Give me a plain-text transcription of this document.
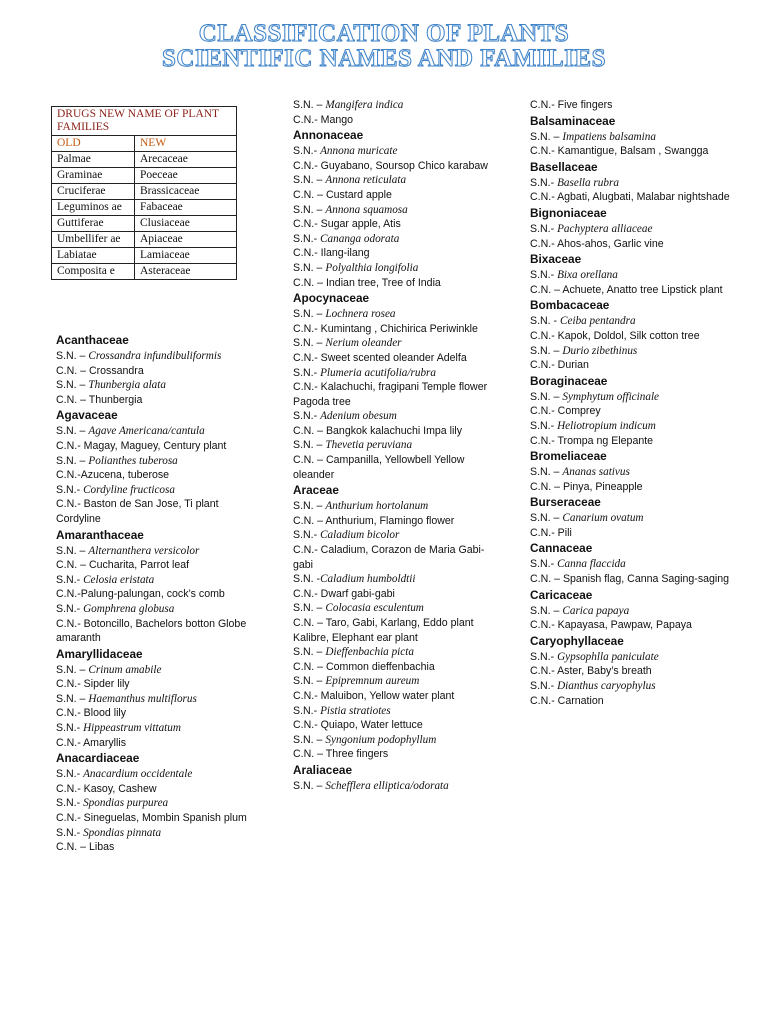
CLASSIFICATION OF PLANTS
SCIENTIFIC NAMES AND FAMILIES
DRUGS NEW NAME OF PLANT FAMILIES	
OLD	NEW
Palmae	Arecaceae
Graminae	Poeceae
Cruciferae	Brassicaceae
Leguminos ae	Fabaceae
Guttiferae	Clusiaceae
Umbellifer ae	Apiaceae
Labiatae	Lamiaceae
Composita e	Asteraceae
Acanthaceae
S.N. – Crossandra infundibuliformis
C.N. – Crossandra
S.N. – Thunbergia alata
C.N. – Thunbergia
Agavaceae
S.N. – Agave Americana/cantula
C.N.- Magay, Maguey, Century plant
S.N. – Polianthes tuberosa
C.N.-Azucena, tuberose
S.N.- Cordyline fructicosa
C.N.- Baston de San Jose, Ti plant Cordyline
Amaranthaceae
S.N. – Alternanthera versicolor
C.N. – Cucharita, Parrot leaf
S.N.- Celosia eristata
C.N.-Palung-palungan, cock’s comb
S.N.- Gomphrena globusa
C.N.- Botoncillo, Bachelors botton Globe amaranth
Amaryllidaceae
S.N. – Crinum amabile
C.N.- Sipder lily
S.N. – Haemanthus multiflorus
C.N.- Blood lily
S.N.- Hippeastrum vittatum
C.N.- Amaryllis
Anacardiaceae
S.N.- Anacardium occidentale
C.N.- Kasoy, Cashew
S.N.- Spondias purpurea
C.N.- Sineguelas, Mombin Spanish plum
S.N.- Spondias pinnata
C.N. – Libas
S.N. – Mangifera indica
C.N.- Mango
Annonaceae
S.N.- Annona muricate
C.N.- Guyabano, Soursop Chico karabaw
S.N. – Annona reticulata
C.N. – Custard apple
S.N. – Annona squamosa
C.N.- Sugar apple, Atis
S.N.- Cananga odorata
C.N.- Ilang-ilang
S.N. – Polyalthia longifolia
C.N. – Indian tree, Tree of India
Apocynaceae
S.N. – Lochnera rosea
C.N.- Kumintang , Chichirica Periwinkle
S.N. – Nerium oleander
C.N.- Sweet scented oleander Adelfa
S.N.- Plumeria acutifolia/rubra
C.N.- Kalachuchi, fragipani Temple flower Pagoda tree
S.N.- Adenium obesum
C.N. – Bangkok kalachuchi Impa lily
S.N. – Thevetia peruviana
C.N. – Campanilla, Yellowbell Yellow oleander
Araceae
S.N. – Anthurium hortolanum
C.N. – Anthurium, Flamingo flower
S.N.- Caladium bicolor
C.N.- Caladium, Corazon de Maria Gabi-gabi
S.N. -Caladium humboldtii
C.N.- Dwarf gabi-gabi
S.N. – Colocasia esculentum
C.N. – Taro, Gabi, Karlang, Eddo plant Kalibre, Elephant ear plant
S.N. – Dieffenbachia picta
C.N. – Common dieffenbachia
S.N. – Epipremnum aureum
C.N.- Maluibon, Yellow water plant
S.N.- Pistia stratiotes
C.N.- Quiapo, Water lettuce
S.N. – Syngonium podophyllum
C.N. – Three fingers
Araliaceae
S.N. – Schefflera elliptica/odorata
C.N.- Five fingers
Balsaminaceae
S.N. – Impatiens balsamina
C.N.- Kamantigue, Balsam , Swangga
Basellaceae
S.N.- Basella rubra
C.N.- Agbati, Alugbati, Malabar nightshade
Bignoniaceae
S.N.- Pachyptera alliaceae
C.N.- Ahos-ahos, Garlic vine
Bixaceae
S.N.- Bixa orellana
C.N. – Achuete, Anatto tree Lipstick plant
Bombacaceae
S.N. - Ceiba pentandra
C.N.- Kapok, Doldol, Silk cotton tree
S.N. – Durio zibethinus
C.N.- Durian
Boraginaceae
S.N. – Symphytum officinale
C.N.- Comprey
S.N.- Heliotropium indicum
C.N.- Trompa ng Elepante
Bromeliaceae
S.N. – Ananas sativus
C.N. – Pinya, Pineapple
Burseraceae
S.N. – Canarium ovatum
C.N.- Pili
Cannaceae
S.N.- Canna flaccida
C.N. – Spanish flag, Canna Saging-saging
Caricaceae
S.N. – Carica papaya
C.N.- Kapayasa, Pawpaw, Papaya
Caryophyllaceae
S.N.- Gypsophlla paniculate
C.N.- Aster, Baby’s breath
S.N.- Dianthus caryophylus
C.N.- Carnation
